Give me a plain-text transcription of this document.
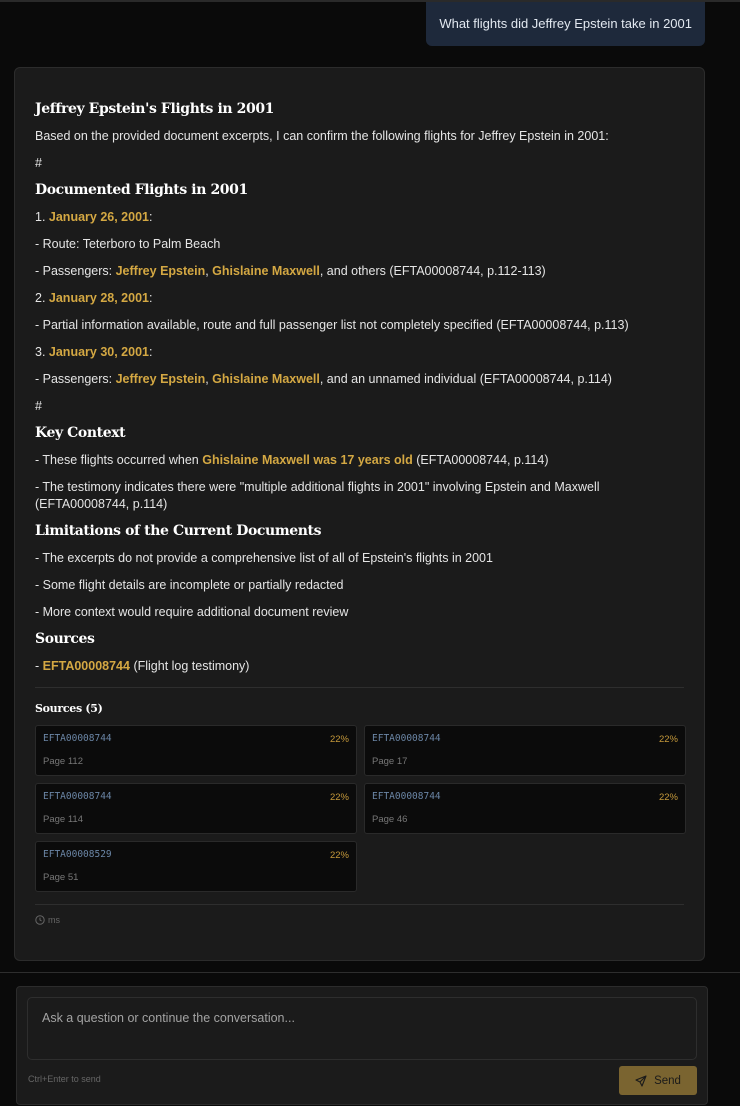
What flights did Jeffrey Epstein take in 2001
Jeffrey Epstein's Flights in 2001
Based on the provided document excerpts, I can confirm the following flights for Jeffrey Epstein in 2001:
#
Documented Flights in 2001
1. January 26, 2001:
- Route: Teterboro to Palm Beach
- Passengers: Jeffrey Epstein, Ghislaine Maxwell, and others (EFTA00008744, p.112-113)
2. January 28, 2001:
- Partial information available, route and full passenger list not completely specified (EFTA00008744, p.113)
3. January 30, 2001:
- Passengers: Jeffrey Epstein, Ghislaine Maxwell, and an unnamed individual (EFTA00008744, p.114)
#
Key Context
- These flights occurred when Ghislaine Maxwell was 17 years old (EFTA00008744, p.114)
- The testimony indicates there were "multiple additional flights in 2001" involving Epstein and Maxwell (EFTA00008744, p.114)
Limitations of the Current Documents
- The excerpts do not provide a comprehensive list of all of Epstein's flights in 2001
- Some flight details are incomplete or partially redacted
- More context would require additional document review
Sources
- EFTA00008744 (Flight log testimony)
Sources (5)
EFTA00008744	22%
Page 112
EFTA00008744	22%
Page 17
EFTA00008744	22%
Page 114
EFTA00008744	22%
Page 46
EFTA00008529	22%
Page 51
ms
Ask a question or continue the conversation...
Ctrl+Enter to send	Send
